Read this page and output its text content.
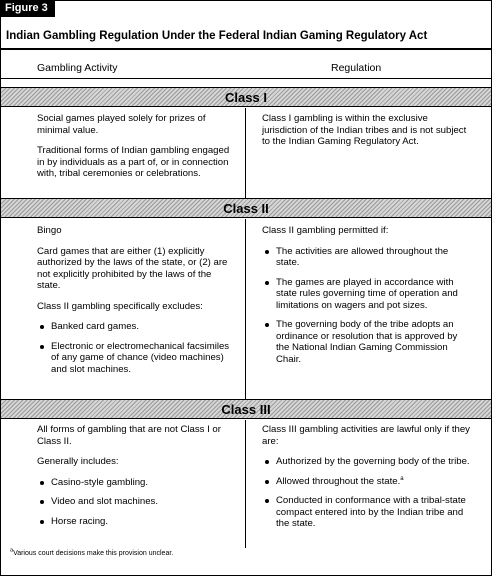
Figure 3
Indian Gambling Regulation Under the Federal Indian Gaming Regulatory Act
Gambling Activity	Regulation
Class I

Social games played solely for prizes of minimal value.

Traditional forms of Indian gambling engaged in by individuals as a part of, or in connection with, tribal ceremonies or celebrations.

Class I gambling is within the exclusive jurisdiction of the Indian tribes and is not subject to the Indian Gaming Regulatory Act.

Class II

Bingo

Card games that are either (1) explicitly authorized by the laws of the state, or (2) are not explicitly prohibited by the laws of the state.

Class II gambling specifically excludes:

Banked card games.
Electronic or electromechanical facsimiles of any game of chance (video machines) and slot machines.

Class II gambling permitted if:

The activities are allowed throughout the state.
The games are played in accordance with state rules governing time of operation and limitations on wagers and pot sizes.
The governing body of the tribe adopts an ordinance or resolution that is approved by the National Indian Gaming Commission Chair.
Class III

All forms of gambling that are not Class I or Class II.

Generally includes:

Casino-style gambling.
Video and slot machines.
Horse racing.

Class III gambling activities are lawful only if they are:

Authorized by the governing body of the tribe.
Allowed throughout the state.$^a$
Conducted in conformance with a tribal-state compact entered into by the Indian tribe and the state.
$^a$Various court decisions make this provision unclear.
